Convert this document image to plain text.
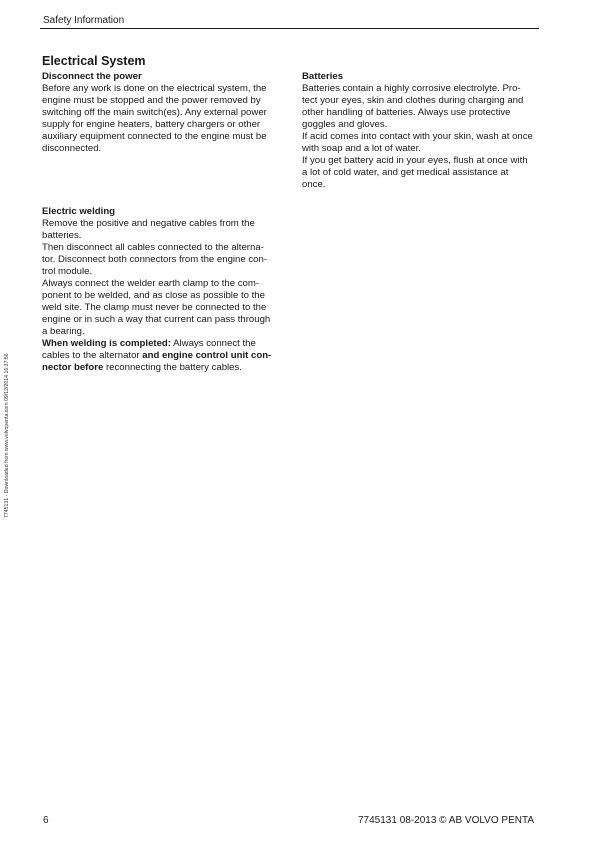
Safety Information
Electrical System
Disconnect the power
Before any work is done on the electrical system, the
engine must be stopped and the power removed by
switching off the main switch(es). Any external power
supply for engine heaters, battery chargers or other
auxiliary equipment connected to the engine must be
disconnected.
Electric welding
Remove the positive and negative cables from the
batteries.
Then disconnect all cables connected to the alterna-
tor. Disconnect both connectors from the engine con-
trol module.
Always connect the welder earth clamp to the com-
ponent to be welded, and as close as possible to the
weld site. The clamp must never be connected to the
engine or in such a way that current can pass through
a bearing.
When welding is completed: Always connect the
cables to the alternator and engine control unit con-
nector before reconnecting the battery cables.
Batteries
Batteries contain a highly corrosive electrolyte. Pro-
tect your eyes, skin and clothes during charging and
other handling of batteries. Always use protective
goggles and gloves.
If acid comes into contact with your skin, wash at once
with soap and a lot of water.
If you get battery acid in your eyes, flush at once with
a lot of cold water, and get medical assistance at
once.
7745131 - Downloaded from www.volvopenta.com 09/12/2014 16:37:56
6	7745131 08-2013 © AB VOLVO PENTA
